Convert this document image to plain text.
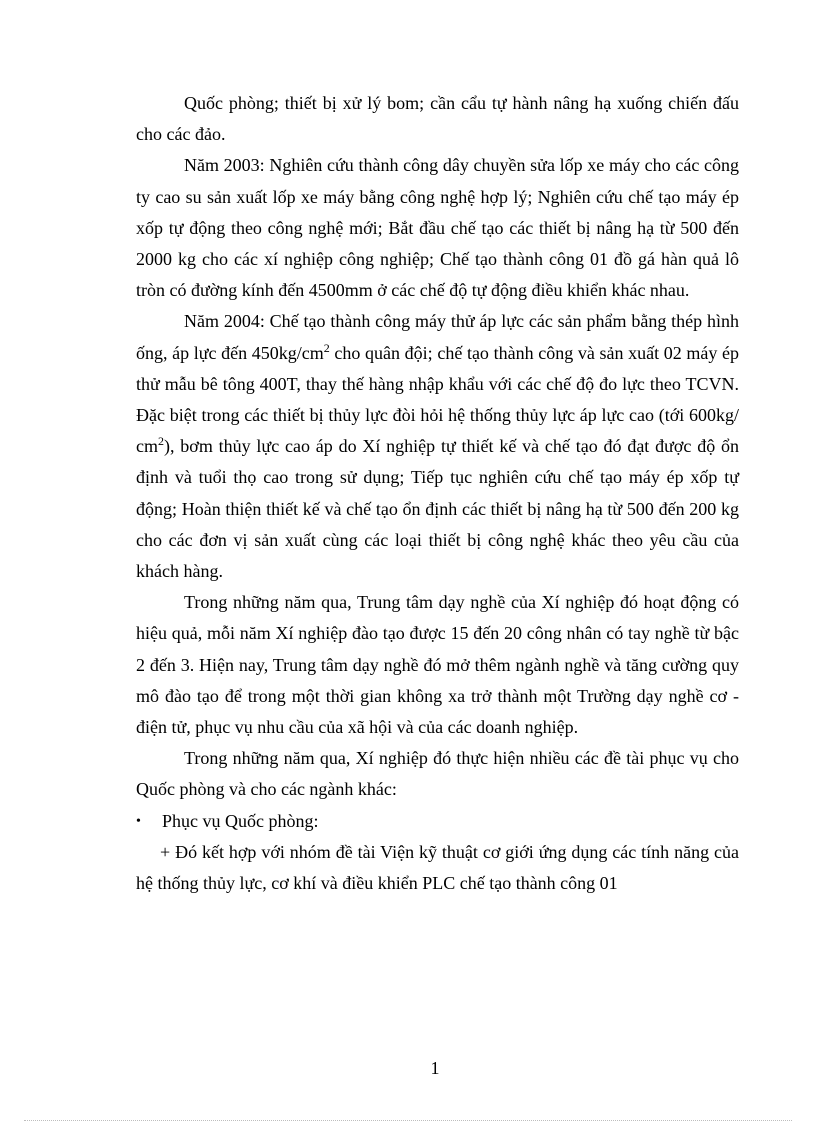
Quốc phòng; thiết bị xử lý bom; cần cẩu tự hành nâng hạ xuống chiến đấu cho các đảo.

Năm 2003: Nghiên cứu thành công dây chuyền sửa lốp xe máy cho các công ty cao su sản xuất lốp xe máy bằng công nghệ hợp lý; Nghiên cứu chế tạo máy ép xốp tự động theo công nghệ mới; Bắt đầu chế tạo các thiết bị nâng hạ từ 500 đến 2000 kg cho các xí nghiệp công nghiệp; Chế tạo thành công 01 đồ gá hàn quả lô tròn có đường kính đến 4500mm ở các chế độ tự động điều khiển khác nhau.

Năm 2004: Chế tạo thành công máy thử áp lực các sản phẩm bằng thép hình ống, áp lực đến $450kg/cm^2$ cho quân đội; chế tạo thành công và sản xuất 02 máy ép thử mẫu bê tông 400T, thay thế hàng nhập khẩu với các chế độ đo lực theo TCVN. Đặc biệt trong các thiết bị thủy lực đòi hỏi hệ thống thủy lực áp lực cao (tới 600kg/ $cm^2$), bơm thủy lực cao áp do Xí nghiệp tự thiết kế và chế tạo đó đạt được độ ổn định và tuổi thọ cao trong sử dụng; Tiếp tục nghiên cứu chế tạo máy ép xốp tự động; Hoàn thiện thiết kế và chế tạo ổn định các thiết bị nâng hạ từ 500 đến 200 kg cho các đơn vị sản xuất cùng các loại thiết bị công nghệ khác theo yêu cầu của khách hàng.

Trong những năm qua, Trung tâm dạy nghề của Xí nghiệp đó hoạt động có hiệu quả, mỗi năm Xí nghiệp đào tạo được 15 đến 20 công nhân có tay nghề từ bậc 2 đến 3. Hiện nay, Trung tâm dạy nghề đó mở thêm ngành nghề và tăng cường quy mô đào tạo để trong một thời gian không xa trở thành một Trường dạy nghề cơ - điện tử, phục vụ nhu cầu của xã hội và của các doanh nghiệp.

Trong những năm qua, Xí nghiệp đó thực hiện nhiều các đề tài phục vụ cho Quốc phòng và cho các ngành khác:

•	Phục vụ Quốc phòng:

+ Đó kết hợp với nhóm đề tài Viện kỹ thuật cơ giới ứng dụng các tính năng của hệ thống thủy lực, cơ khí và điều khiển PLC chế tạo thành công 01

1
